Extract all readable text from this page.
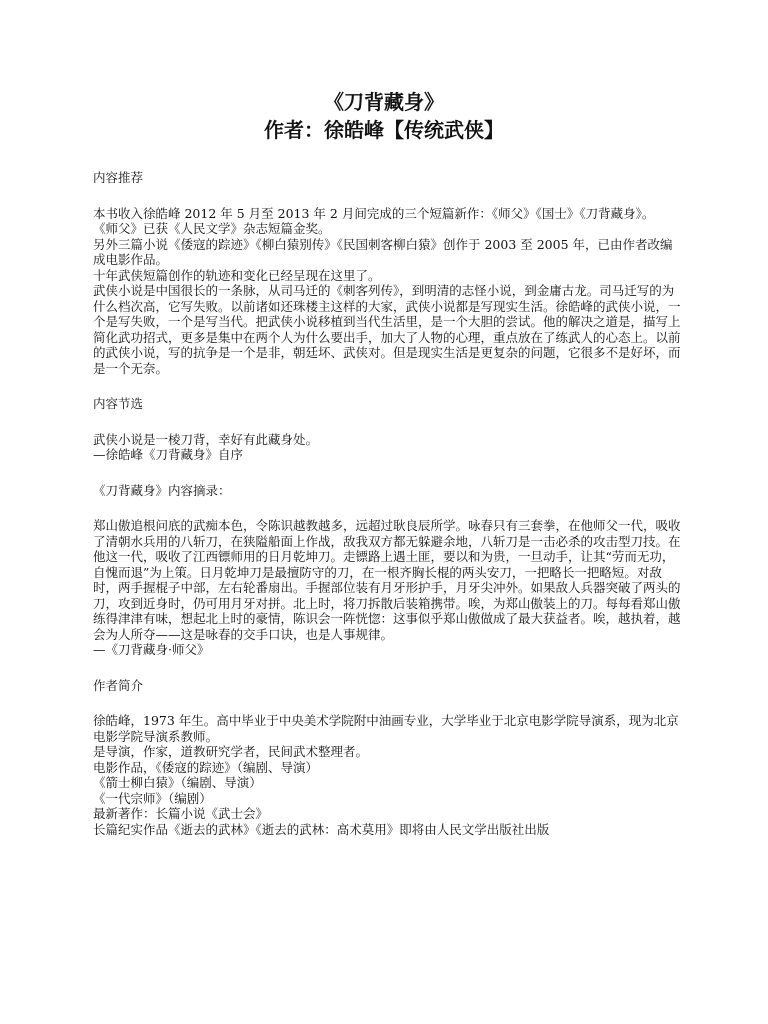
《刀背藏身》
作者：徐皓峰【传统武侠】

内容推荐

本书收入徐皓峰 2012 年 5 月至 2013 年 2 月间完成的三个短篇新作：《师父》《国士》《刀背藏身》。

《师父》已获《人民文学》杂志短篇金奖。

另外三篇小说《倭寇的踪迹》《柳白猿别传》《民国刺客柳白猿》创作于 2003 至 2005 年，已由作者改编成电影作品。

十年武侠短篇创作的轨迹和变化已经呈现在这里了。

武侠小说是中国很长的一条脉，从司马迁的《刺客列传》，到明清的志怪小说，到金庸古龙。司马迁写的为什么档次高，它写失败。以前诸如还珠楼主这样的大家，武侠小说都是写现实生活。徐皓峰的武侠小说，一个是写失败，一个是写当代。把武侠小说移植到当代生活里，是一个大胆的尝试。他的解决之道是，描写上简化武功招式，更多是集中在两个人为什么要出手，加大了人物的心理，重点放在了练武人的心态上。以前的武侠小说，写的抗争是一个是非，朝廷坏、武侠对。但是现实生活是更复杂的问题，它很多不是好坏，而是一个无奈。

内容节选

武侠小说是一棱刀背，幸好有此藏身处。

—徐皓峰《刀背藏身》自序

《刀背藏身》内容摘录：

郑山傲追根问底的武痴本色，令陈识越教越多，远超过耿良辰所学。咏春只有三套拳，在他师父一代，吸收了清朝水兵用的八斩刀，在狭隘船面上作战，敌我双方都无躲避余地，八斩刀是一击必杀的攻击型刀技。在他这一代，吸收了江西镖师用的日月乾坤刀。走镖路上遇土匪，要以和为贵，一旦动手，让其“劳而无功，自愧而退”为上策。日月乾坤刀是最擅防守的刀，在一根齐胸长棍的两头安刀，一把略长一把略短。对敌时，两手握棍子中部，左右轮番扇出。手握部位装有月牙形护手，月牙尖冲外。如果敌人兵器突破了两头的刀，攻到近身时，仍可用月牙对拼。北上时，将刀拆散后装箱携带。唉，为郑山傲装上的刀。每每看郑山傲练得津津有味，想起北上时的豪情，陈识会一阵恍惚：这事似乎郑山傲做成了最大获益者。唉，越执着，越会为人所夺——这是咏春的交手口诀，也是人事规律。

—《刀背藏身·师父》

作者简介

徐皓峰，1973 年生。高中毕业于中央美术学院附中油画专业，大学毕业于北京电影学院导演系，现为北京电影学院导演系教师。

是导演，作家，道教研究学者，民间武术整理者。

电影作品，《倭寇的踪迹》（编剧、导演）

《箭士柳白猿》（编剧、导演）

《一代宗师》（编剧）

最新著作：长篇小说《武士会》

长篇纪实作品《逝去的武林》《逝去的武林：高术莫用》即将由人民文学出版社出版
